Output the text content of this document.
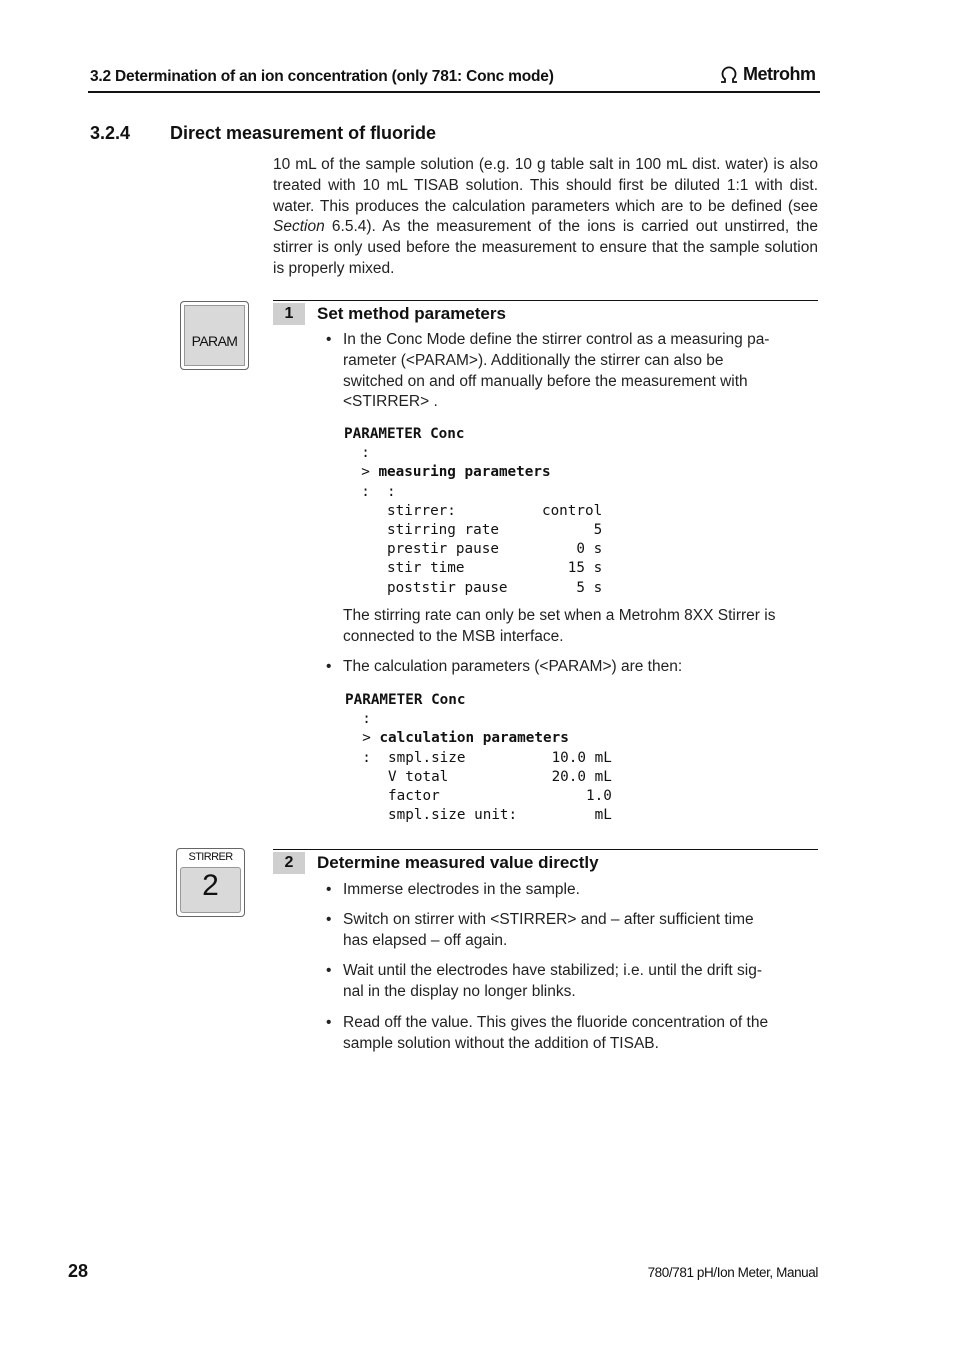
3.2 Determination of an ion concentration (only 781: Conc mode)	Metrohm
3.2.4 Direct measurement of fluoride
10 mL of the sample solution (e.g. 10 g table salt in 100 mL dist. water) is also treated with 10 mL TISAB solution. This should first be diluted 1:1 with dist. water. This produces the calculation parameters which are to be defined (see Section 6.5.4). As the measurement of the ions is carried out unstirred, the stirrer is only used before the measurement to ensure that the sample solution is properly mixed.
PARAM
1	Set method parameters
• In the Conc Mode define the stirrer control as a measuring pa-
rameter (<PARAM>). Additionally the stirrer can also be
switched on and off manually before the measurement with
<STIRRER> .
PARAMETER Conc
:
> measuring parameters
:  :
stirrer:          control
stirring rate           5
prestir pause         0 s
stir time            15 s
poststir pause        5 s
The stirring rate can only be set when a Metrohm 8XX Stirrer is connected to the MSB interface.
• The calculation parameters (<PARAM>) are then:
PARAMETER Conc
:
> calculation parameters
:  smpl.size          10.0 mL
V total            20.0 mL
factor                 1.0
smpl.size unit:         mL
STIRRER
2
2	Determine measured value directly
• Immerse electrodes in the sample.
• Switch on stirrer with <STIRRER> and – after sufficient time
has elapsed – off again.
• Wait until the electrodes have stabilized; i.e. until the drift sig-
nal in the display no longer blinks.
• Read off the value. This gives the fluoride concentration of the
sample solution without the addition of TISAB.
28	780/781 pH/Ion Meter, Manual
